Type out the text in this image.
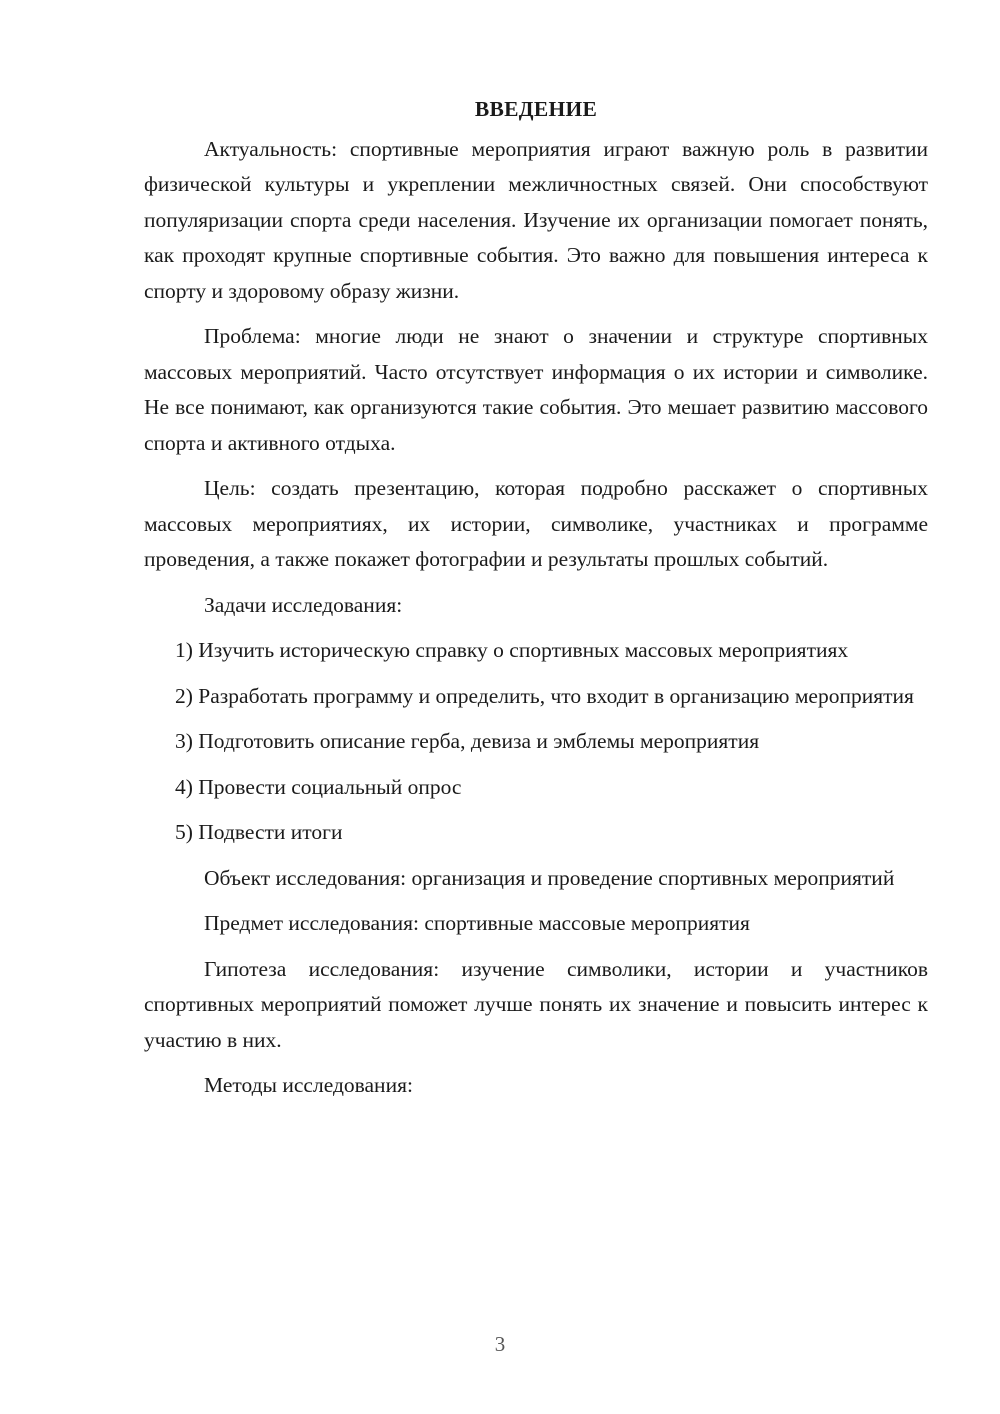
ВВЕДЕНИЕ

Актуальность: спортивные мероприятия играют важную роль в развитии физической культуры и укреплении межличностных связей. Они способствуют популяризации спорта среди населения. Изучение их организации помогает понять, как проходят крупные спортивные события. Это важно для повышения интереса к спорту и здоровому образу жизни.

Проблема: многие люди не знают о значении и структуре спортивных массовых мероприятий. Часто отсутствует информация о их истории и символике. Не все понимают, как организуются такие события. Это мешает развитию массового спорта и активного отдыха.

Цель: создать презентацию, которая подробно расскажет о спортивных массовых мероприятиях, их истории, символике, участниках и программе проведения, а также покажет фотографии и результаты прошлых событий.

Задачи исследования:

1) Изучить историческую справку о спортивных массовых мероприятиях

2) Разработать программу и определить, что входит в организацию мероприятия

3) Подготовить описание герба, девиза и эмблемы мероприятия

4) Провести социальный опрос

5) Подвести итоги

Объект исследования: организация и проведение спортивных мероприятий

Предмет исследования: спортивные массовые мероприятия

Гипотеза исследования: изучение символики, истории и участников спортивных мероприятий поможет лучше понять их значение и повысить интерес к участию в них.

Методы исследования:

3
